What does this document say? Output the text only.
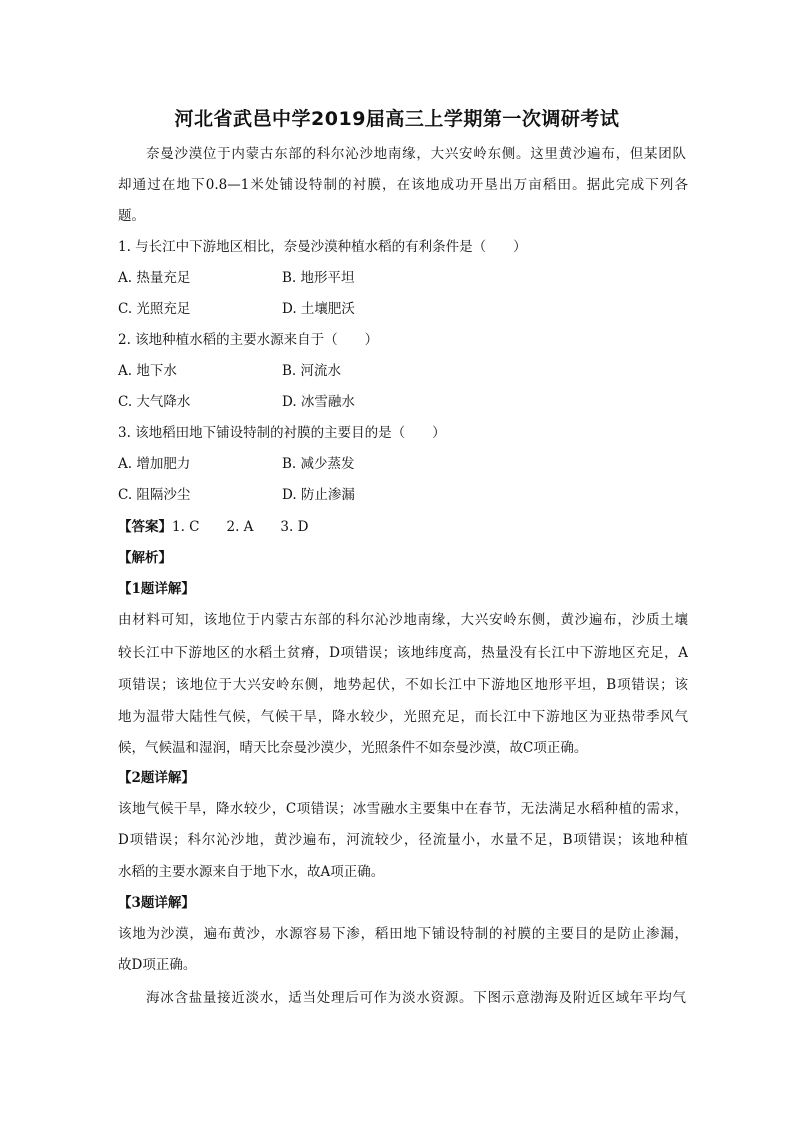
河北省武邑中学2019届高三上学期第一次调研考试
奈曼沙漠位于内蒙古东部的科尔沁沙地南缘，大兴安岭东侧。这里黄沙遍布，但某团队
却通过在地下0.8—1米处铺设特制的衬膜，在该地成功开垦出万亩稻田。据此完成下列各
题。
1. 与长江中下游地区相比，奈曼沙漠种植水稻的有利条件是（　　）
A. 热量充足	B. 地形平坦
C. 光照充足	D. 土壤肥沃
2. 该地种植水稻的主要水源来自于（　　）
A. 地下水	B. 河流水
C. 大气降水	D. 冰雪融水
3. 该地稻田地下铺设特制的衬膜的主要目的是（　　）
A. 增加肥力	B. 减少蒸发
C. 阻隔沙尘	D. 防止渗漏
【答案】1. C　　2. A　　3. D
【解析】
【1题详解】
由材料可知，该地位于内蒙古东部的科尔沁沙地南缘，大兴安岭东侧，黄沙遍布，沙质土壤
较长江中下游地区的水稻土贫瘠，D项错误；该地纬度高，热量没有长江中下游地区充足，A
项错误；该地位于大兴安岭东侧，地势起伏，不如长江中下游地区地形平坦，B项错误；该
地为温带大陆性气候，气候干旱，降水较少，光照充足，而长江中下游地区为亚热带季风气
候，气候温和湿润，晴天比奈曼沙漠少，光照条件不如奈曼沙漠，故C项正确。
【2题详解】
该地气候干旱，降水较少，C项错误；冰雪融水主要集中在春节，无法满足水稻种植的需求，
D项错误；科尔沁沙地，黄沙遍布，河流较少，径流量小，水量不足，B项错误；该地种植
水稻的主要水源来自于地下水，故A项正确。
【3题详解】
该地为沙漠，遍布黄沙，水源容易下渗，稻田地下铺设特制的衬膜的主要目的是防止渗漏，
故D项正确。
海冰含盐量接近淡水，适当处理后可作为淡水资源。下图示意渤海及附近区域年平均气
